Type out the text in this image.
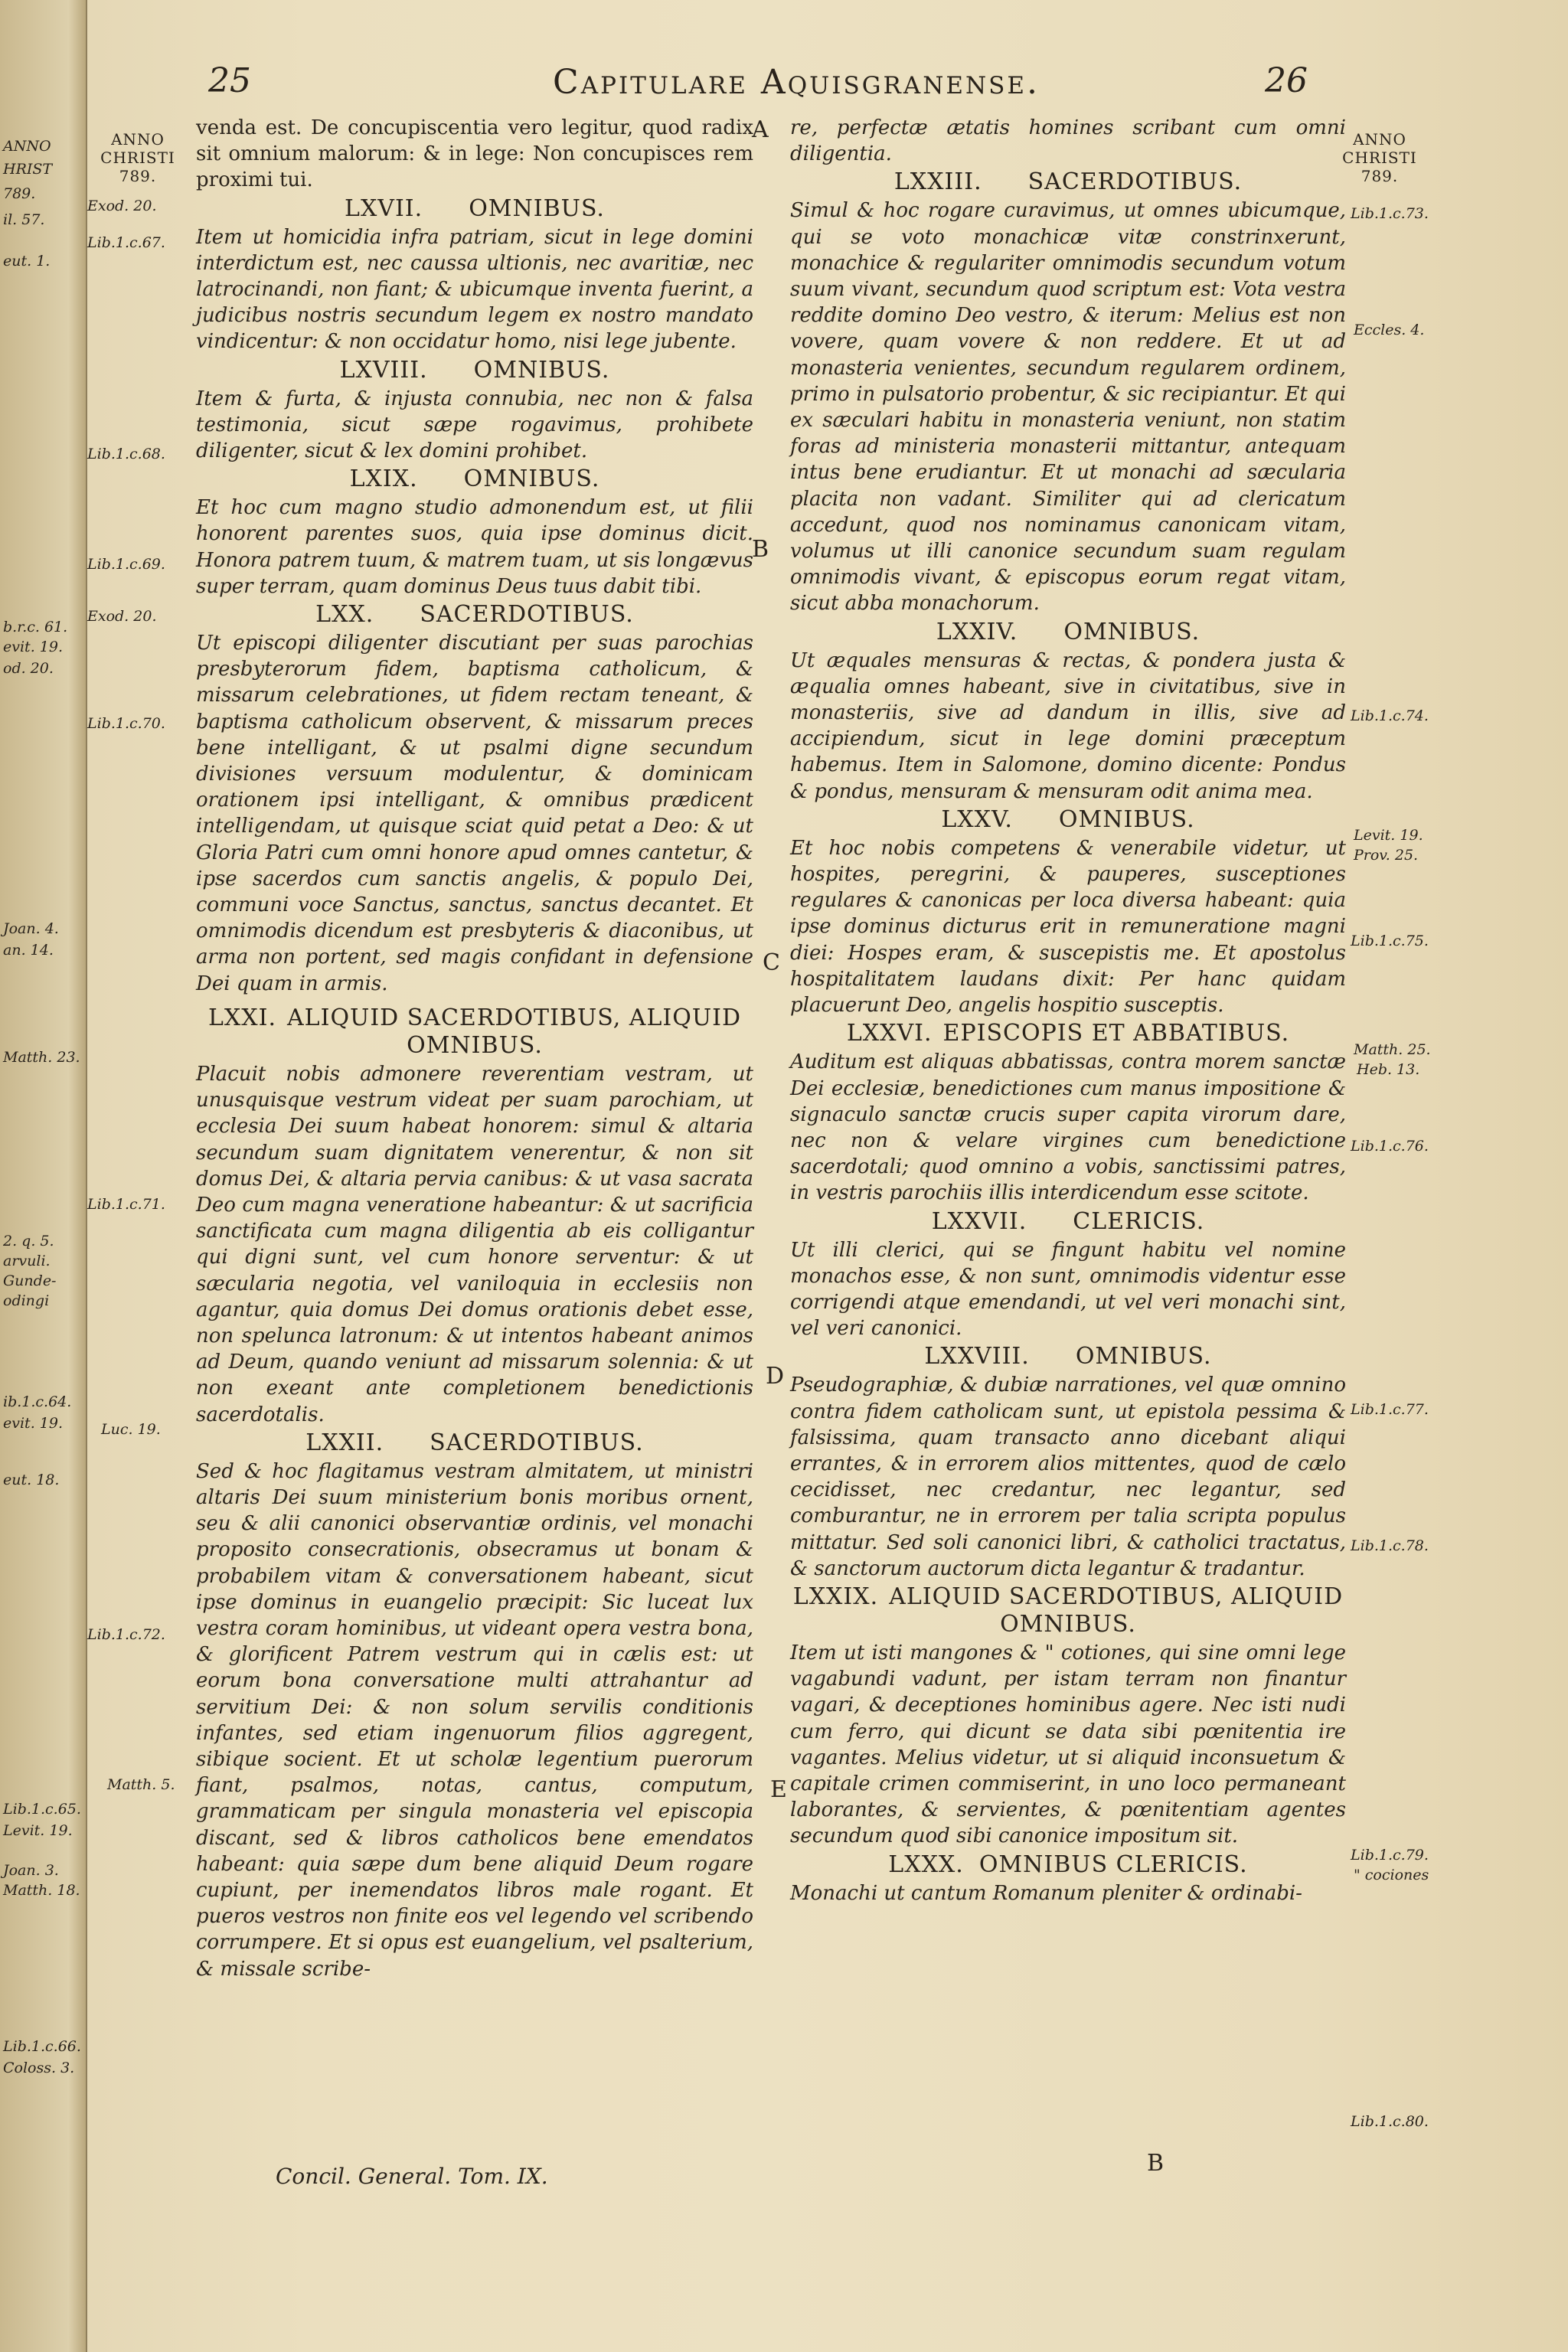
ANNO
HRIST
789.
il. 57.
eut. 1.
b.r.c. 61.
evit. 19.
od. 20.
Joan. 4.
an. 14.
Matth. 23.
2. q. 5.
arvuli.
Gunde-
odingi
ib.1.c.64.
evit. 19.
eut. 18.
Lib.1.c.65.
Levit. 19.
Joan. 3.
Matth. 18.
Lib.1.c.66.
Coloss. 3.
25	Capitulare Aquisgranense.	26
ANNO
CHRISTI
789.
ANNO
CHRISTI
789.
Exod. 20.
Lib.1.c.67.
Lib.1.c.68.
Lib.1.c.69.
Exod. 20.
Lib.1.c.70.
Lib.1.c.71.
Luc. 19.
Lib.1.c.72.
Matth. 5.
Lib.1.c.73.
Eccles. 4.
Lib.1.c.74.
Levit. 19.
Prov. 25.
Lib.1.c.75.
Matth. 25.
Heb. 13.
Lib.1.c.76.
Lib.1.c.77.
Lib.1.c.78.
Lib.1.c.79.
" cociones
Lib.1.c.80.
A
B
C
D
E

venda est. De concupiscentia vero legitur, quod radix sit omnium malorum: & in lege: Non concupisces rem proximi tui.

LXVII. OMNIBUS.

Item ut homicidia infra patriam, sicut in lege domini interdictum est, nec caussa ultionis, nec avaritiæ, nec latrocinandi, non fiant; & ubicumque inventa fuerint, a judicibus nostris secundum legem ex nostro mandato vindicentur: & non occidatur homo, nisi lege jubente.

LXVIII. OMNIBUS.

Item & furta, & injusta connubia, nec non & falsa testimonia, sicut sæpe rogavimus, prohibete diligenter, sicut & lex domini prohibet.

LXIX. OMNIBUS.

Et hoc cum magno studio admonendum est, ut filii honorent parentes suos, quia ipse dominus dicit. Honora patrem tuum, & matrem tuam, ut sis longævus super terram, quam dominus Deus tuus dabit tibi.

LXX. SACERDOTIBUS.

Ut episcopi diligenter discutiant per suas parochias presbyterorum fidem, baptisma catholicum, & missarum celebrationes, ut fidem rectam teneant, & baptisma catholicum observent, & missarum preces bene intelligant, & ut psalmi digne secundum divisiones versuum modulentur, & dominicam orationem ipsi intelligant, & omnibus prædicent intelligendam, ut quisque sciat quid petat a Deo: & ut Gloria Patri cum omni honore apud omnes cantetur, & ipse sacerdos cum sanctis angelis, & populo Dei, communi voce Sanctus, sanctus, sanctus decantet. Et omnimodis dicendum est presbyteris & diaconibus, ut arma non portent, sed magis confidant in defensione Dei quam in armis.

LXXI. ALIQUID SACERDOTIBUS, ALIQUID OMNIBUS.

Placuit nobis admonere reverentiam vestram, ut unusquisque vestrum videat per suam parochiam, ut ecclesia Dei suum habeat honorem: simul & altaria secundum suam dignitatem venerentur, & non sit domus Dei, & altaria pervia canibus: & ut vasa sacrata Deo cum magna veneratione habeantur: & ut sacrificia sanctificata cum magna diligentia ab eis colligantur qui digni sunt, vel cum honore serventur: & ut sæcularia negotia, vel vaniloquia in ecclesiis non agantur, quia domus Dei domus orationis debet esse, non spelunca latronum: & ut intentos habeant animos ad Deum, quando veniunt ad missarum solennia: & ut non exeant ante completionem benedictionis sacerdotalis.

LXXII. SACERDOTIBUS.

Sed & hoc flagitamus vestram almitatem, ut ministri altaris Dei suum ministerium bonis moribus ornent, seu & alii canonici observantiæ ordinis, vel monachi proposito consecrationis, obsecramus ut bonam & probabilem vitam & conversationem habeant, sicut ipse dominus in euangelio præcipit: Sic luceat lux vestra coram hominibus, ut videant opera vestra bona, & glorificent Patrem vestrum qui in cælis est: ut eorum bona conversatione multi attrahantur ad servitium Dei: & non solum servilis conditionis infantes, sed etiam ingenuorum filios aggregent, sibique socient. Et ut scholæ legentium puerorum fiant, psalmos, notas, cantus, computum, grammaticam per singula monasteria vel episcopia discant, sed & libros catholicos bene emendatos habeant: quia sæpe dum bene aliquid Deum rogare cupiunt, per inemendatos libros male rogant. Et pueros vestros non finite eos vel legendo vel scribendo corrumpere. Et si opus est euangelium, vel psalterium, & missale scribe-

re, perfectæ ætatis homines scribant cum omni diligentia.

LXXIII. SACERDOTIBUS.

Simul & hoc rogare curavimus, ut omnes ubicumque, qui se voto monachicæ vitæ constrinxerunt, monachice & regulariter omnimodis secundum votum suum vivant, secundum quod scriptum est: Vota vestra reddite domino Deo vestro, & iterum: Melius est non vovere, quam vovere & non reddere. Et ut ad monasteria venientes, secundum regularem ordinem, primo in pulsatorio probentur, & sic recipiantur. Et qui ex sæculari habitu in monasteria veniunt, non statim foras ad ministeria monasterii mittantur, antequam intus bene erudiantur. Et ut monachi ad sæcularia placita non vadant. Similiter qui ad clericatum accedunt, quod nos nominamus canonicam vitam, volumus ut illi canonice secundum suam regulam omnimodis vivant, & episcopus eorum regat vitam, sicut abba monachorum.

LXXIV. OMNIBUS.

Ut æquales mensuras & rectas, & pondera justa & æqualia omnes habeant, sive in civitatibus, sive in monasteriis, sive ad dandum in illis, sive ad accipiendum, sicut in lege domini præceptum habemus. Item in Salomone, domino dicente: Pondus & pondus, mensuram & mensuram odit anima mea.

LXXV. OMNIBUS.

Et hoc nobis competens & venerabile videtur, ut hospites, peregrini, & pauperes, susceptiones regulares & canonicas per loca diversa habeant: quia ipse dominus dicturus erit in remuneratione magni diei: Hospes eram, & suscepistis me. Et apostolus hospitalitatem laudans dixit: Per hanc quidam placuerunt Deo, angelis hospitio susceptis.

LXXVI. EPISCOPIS ET ABBATIBUS.

Auditum est aliquas abbatissas, contra morem sanctæ Dei ecclesiæ, benedictiones cum manus impositione & signaculo sanctæ crucis super capita virorum dare, nec non & velare virgines cum benedictione sacerdotali; quod omnino a vobis, sanctissimi patres, in vestris parochiis illis interdicendum esse scitote.

LXXVII. CLERICIS.

Ut illi clerici, qui se fingunt habitu vel nomine monachos esse, & non sunt, omnimodis videntur esse corrigendi atque emendandi, ut vel veri monachi sint, vel veri canonici.

LXXVIII. OMNIBUS.

Pseudographiæ, & dubiæ narrationes, vel quæ omnino contra fidem catholicam sunt, ut epistola pessima & falsissima, quam transacto anno dicebant aliqui errantes, & in errorem alios mittentes, quod de cælo cecidisset, nec credantur, nec legantur, sed comburantur, ne in errorem per talia scripta populus mittatur. Sed soli canonici libri, & catholici tractatus, & sanctorum auctorum dicta legantur & tradantur.

LXXIX. ALIQUID SACERDOTIBUS, ALIQUID OMNIBUS.

Item ut isti mangones & " cotiones, qui sine omni lege vagabundi vadunt, per istam terram non finantur vagari, & deceptiones hominibus agere. Nec isti nudi cum ferro, qui dicunt se data sibi pœnitentia ire vagantes. Melius videtur, ut si aliquid inconsuetum & capitale crimen commiserint, in uno loco permaneant laborantes, & servientes, & pœnitentiam agentes secundum quod sibi canonice impositum sit.

LXXX. OMNIBUS CLERICIS.

Monachi ut cantum Romanum pleniter & ordinabi-

Concil. General. Tom. IX.	B
